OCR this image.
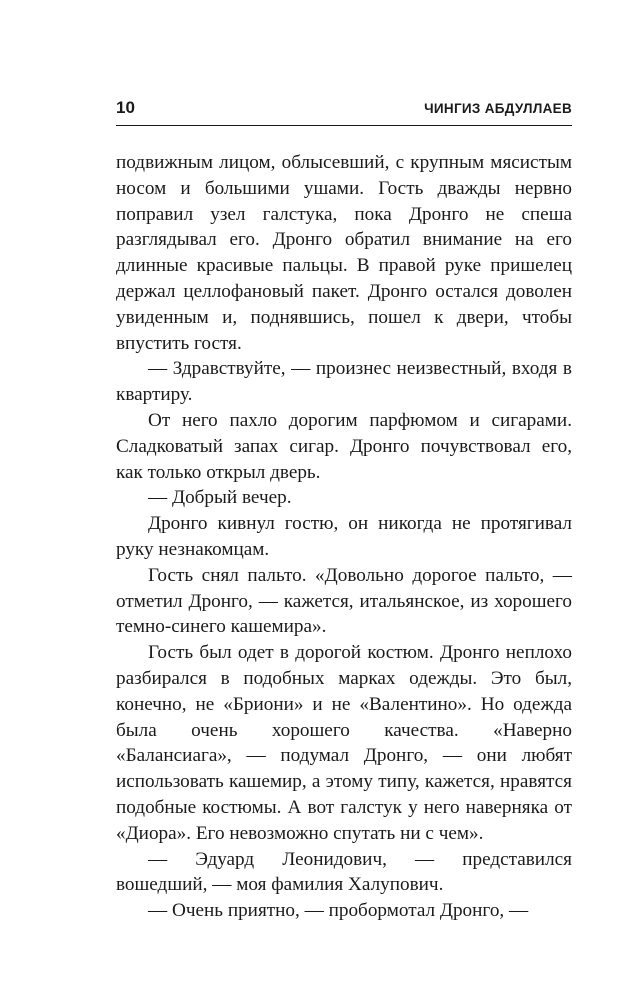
10	ЧИНГИЗ АБДУЛЛАЕВ

подвижным лицом, облысевший, с крупным мясистым носом и большими ушами. Гость дважды нервно поправил узел галстука, пока Дронго не спеша разглядывал его. Дронго обратил внимание на его длинные красивые пальцы. В правой руке пришелец держал целлофановый пакет. Дронго остался доволен увиденным и, поднявшись, пошел к двери, чтобы впустить гостя.

— Здравствуйте, — произнес неизвестный, входя в квартиру.

От него пахло дорогим парфюмом и сигарами. Сладковатый запах сигар. Дронго почувствовал его, как только открыл дверь.

— Добрый вечер.

Дронго кивнул гостю, он никогда не протягивал руку незнакомцам.

Гость снял пальто. «Довольно дорогое пальто, — отметил Дронго, — кажется, итальянское, из хорошего темно-синего кашемира».

Гость был одет в дорогой костюм. Дронго неплохо разбирался в подобных марках одежды. Это был, конечно, не «Бриони» и не «Валентино». Но одежда была очень хорошего качества. «Наверно «Балансиага», — подумал Дронго, — они любят использовать кашемир, а этому типу, кажется, нравятся подобные костюмы. А вот галстук у него наверняка от «Диора». Его невозможно спутать ни с чем».

— Эдуард Леонидович, — представился вошедший, — моя фамилия Халупович.

— Очень приятно, — пробормотал Дронго, —
